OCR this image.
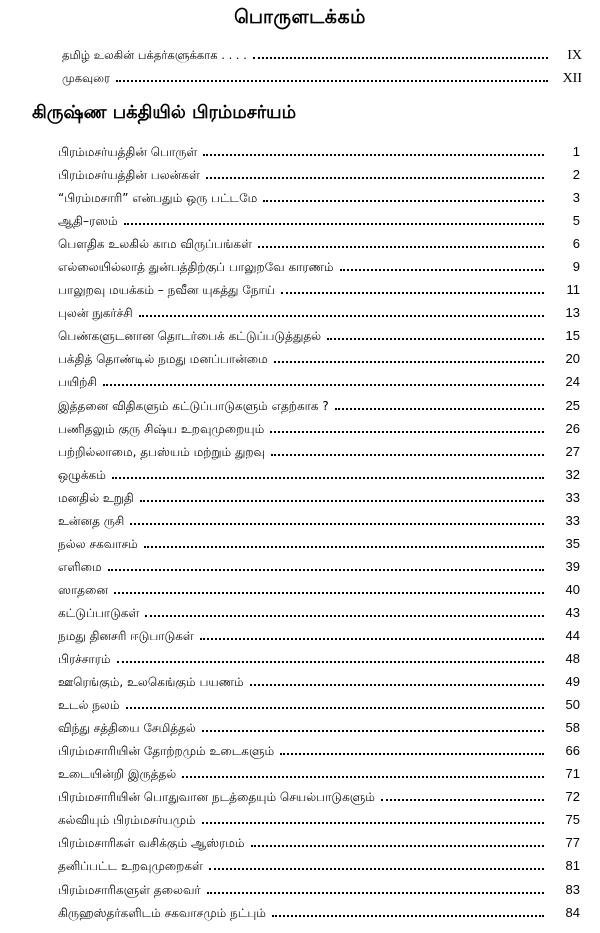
பொருளடக்கம்
தமிழ் உலகின் பக்தர்களுக்காக . . . .	IX
முகவுரை	XII
கிருஷ்ண பக்தியில் பிரம்மசர்யம்
பிரம்மசர்யத்தின் பொருள்	1
பிரம்மசர்யத்தின் பலன்கள்	2
“பிரம்மசாரி” என்பதும் ஒரு பட்டமே	3
ஆதி–ரஸம்	5
பௌதிக உலகில் காம விருப்பங்கள்	6
எல்லையில்லாத் துன்பத்திற்குப் பாலுறவே காரணம்	9
பாலுறவு மயக்கம் – நவீன யுகத்து நோய்	11
புலன் நுகர்ச்சி	13
பெண்களுடனான தொடர்பைக் கட்டுப்படுத்துதல்	15
பக்தித் தொண்டில் நமது மனப்பான்மை	20
பயிற்சி	24
இத்தனை விதிகளும் கட்டுப்பாடுகளும் எதற்காக ?	25
பணிதலும் குரு சிஷ்ய உறவுமுறையும்	26
பற்றில்லாமை, தபஸ்யம் மற்றும் துறவு	27
ஒழுக்கம்	32
மனதில் உறுதி	33
உன்னத ருசி	33
நல்ல சகவாசம்	35
எளிமை	39
ஸாதனை	40
கட்டுப்பாடுகள்	43
நமது தினசரி ஈடுபாடுகள்	44
பிரச்சாரம்	48
ஊரெங்கும், உலகெங்கும் பயணம்	49
உடல் நலம்	50
விந்து சத்தியை சேமித்தல்	58
பிரம்மசாரியின் தோற்றமும் உடைகளும்	66
உடையின்றி இருத்தல்	71
பிரம்மசாரியின் பொதுவான நடத்தையும் செயல்பாடுகளும்	72
கல்வியும் பிரம்மசர்யமும்	75
பிரம்மசாரிகள் வசிக்கும் ஆஸ்ரமம்	77
தனிப்பட்ட உறவுமுறைகள்	81
பிரம்மசாரிகளுள் தலைவர்	83
கிருஹஸ்தர்களிடம் சகவாசமும் நட்பும்	84
